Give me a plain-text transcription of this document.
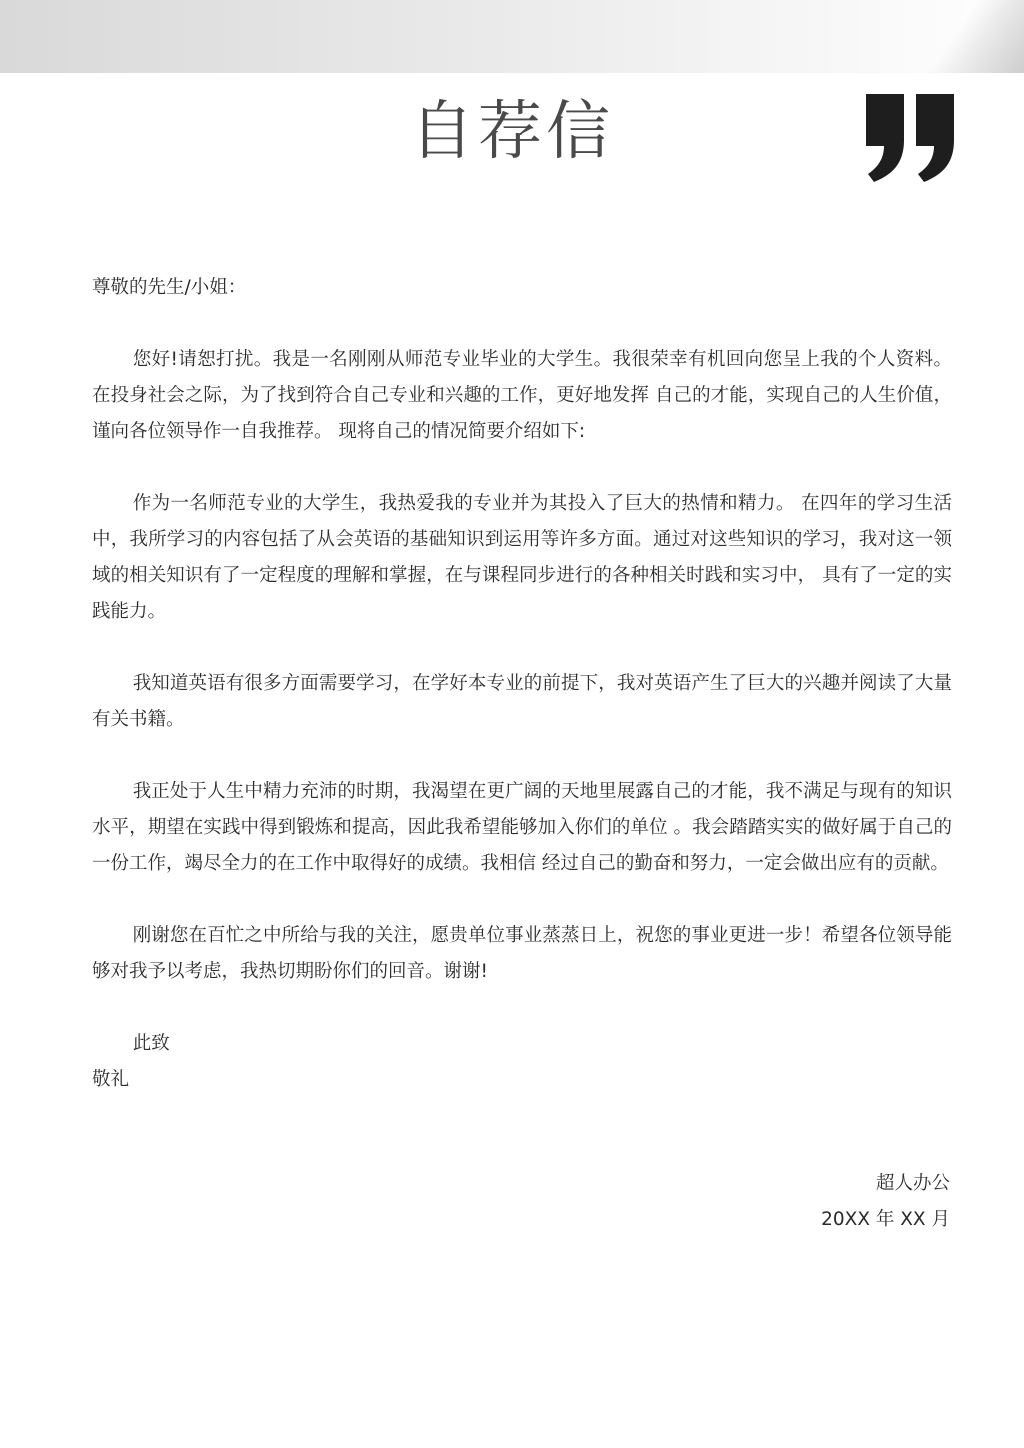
自荐信

尊敬的先生/小姐：

您好!请恕打扰。我是一名刚刚从师范专业毕业的大学生。我很荣幸有机回向您呈上我的个人资料。在投身社会之际，为了找到符合自己专业和兴趣的工作，更好地发挥 自己的才能，实现自己的人生价值，谨向各位领导作一自我推荐。 现将自己的情况简要介绍如下:

作为一名师范专业的大学生，我热爱我的专业并为其投入了巨大的热情和精力。 在四年的学习生活中，我所学习的内容包括了从会英语的基础知识到运用等许多方面。通过对这些知识的学习，我对这一领域的相关知识有了一定程度的理解和掌握，在与课程同步进行的各种相关时践和实习中， 具有了一定的实践能力。

我知道英语有很多方面需要学习，在学好本专业的前提下，我对英语产生了巨大的兴趣并阅读了大量有关书籍。

我正处于人生中精力充沛的时期，我渴望在更广阔的天地里展露自己的才能，我不满足与现有的知识水平，期望在实践中得到锻炼和提高，因此我希望能够加入你们的单位 。我会踏踏实实的做好属于自己的一份工作，竭尽全力的在工作中取得好的成绩。我相信 经过自己的勤奋和努力，一定会做出应有的贡献。

刚谢您在百忙之中所给与我的关注，愿贵单位事业蒸蒸日上，祝您的事业更进一步！希望各位领导能够对我予以考虑，我热切期盼你们的回音。谢谢!

此致

敬礼

超人办公
20XX 年 XX 月
